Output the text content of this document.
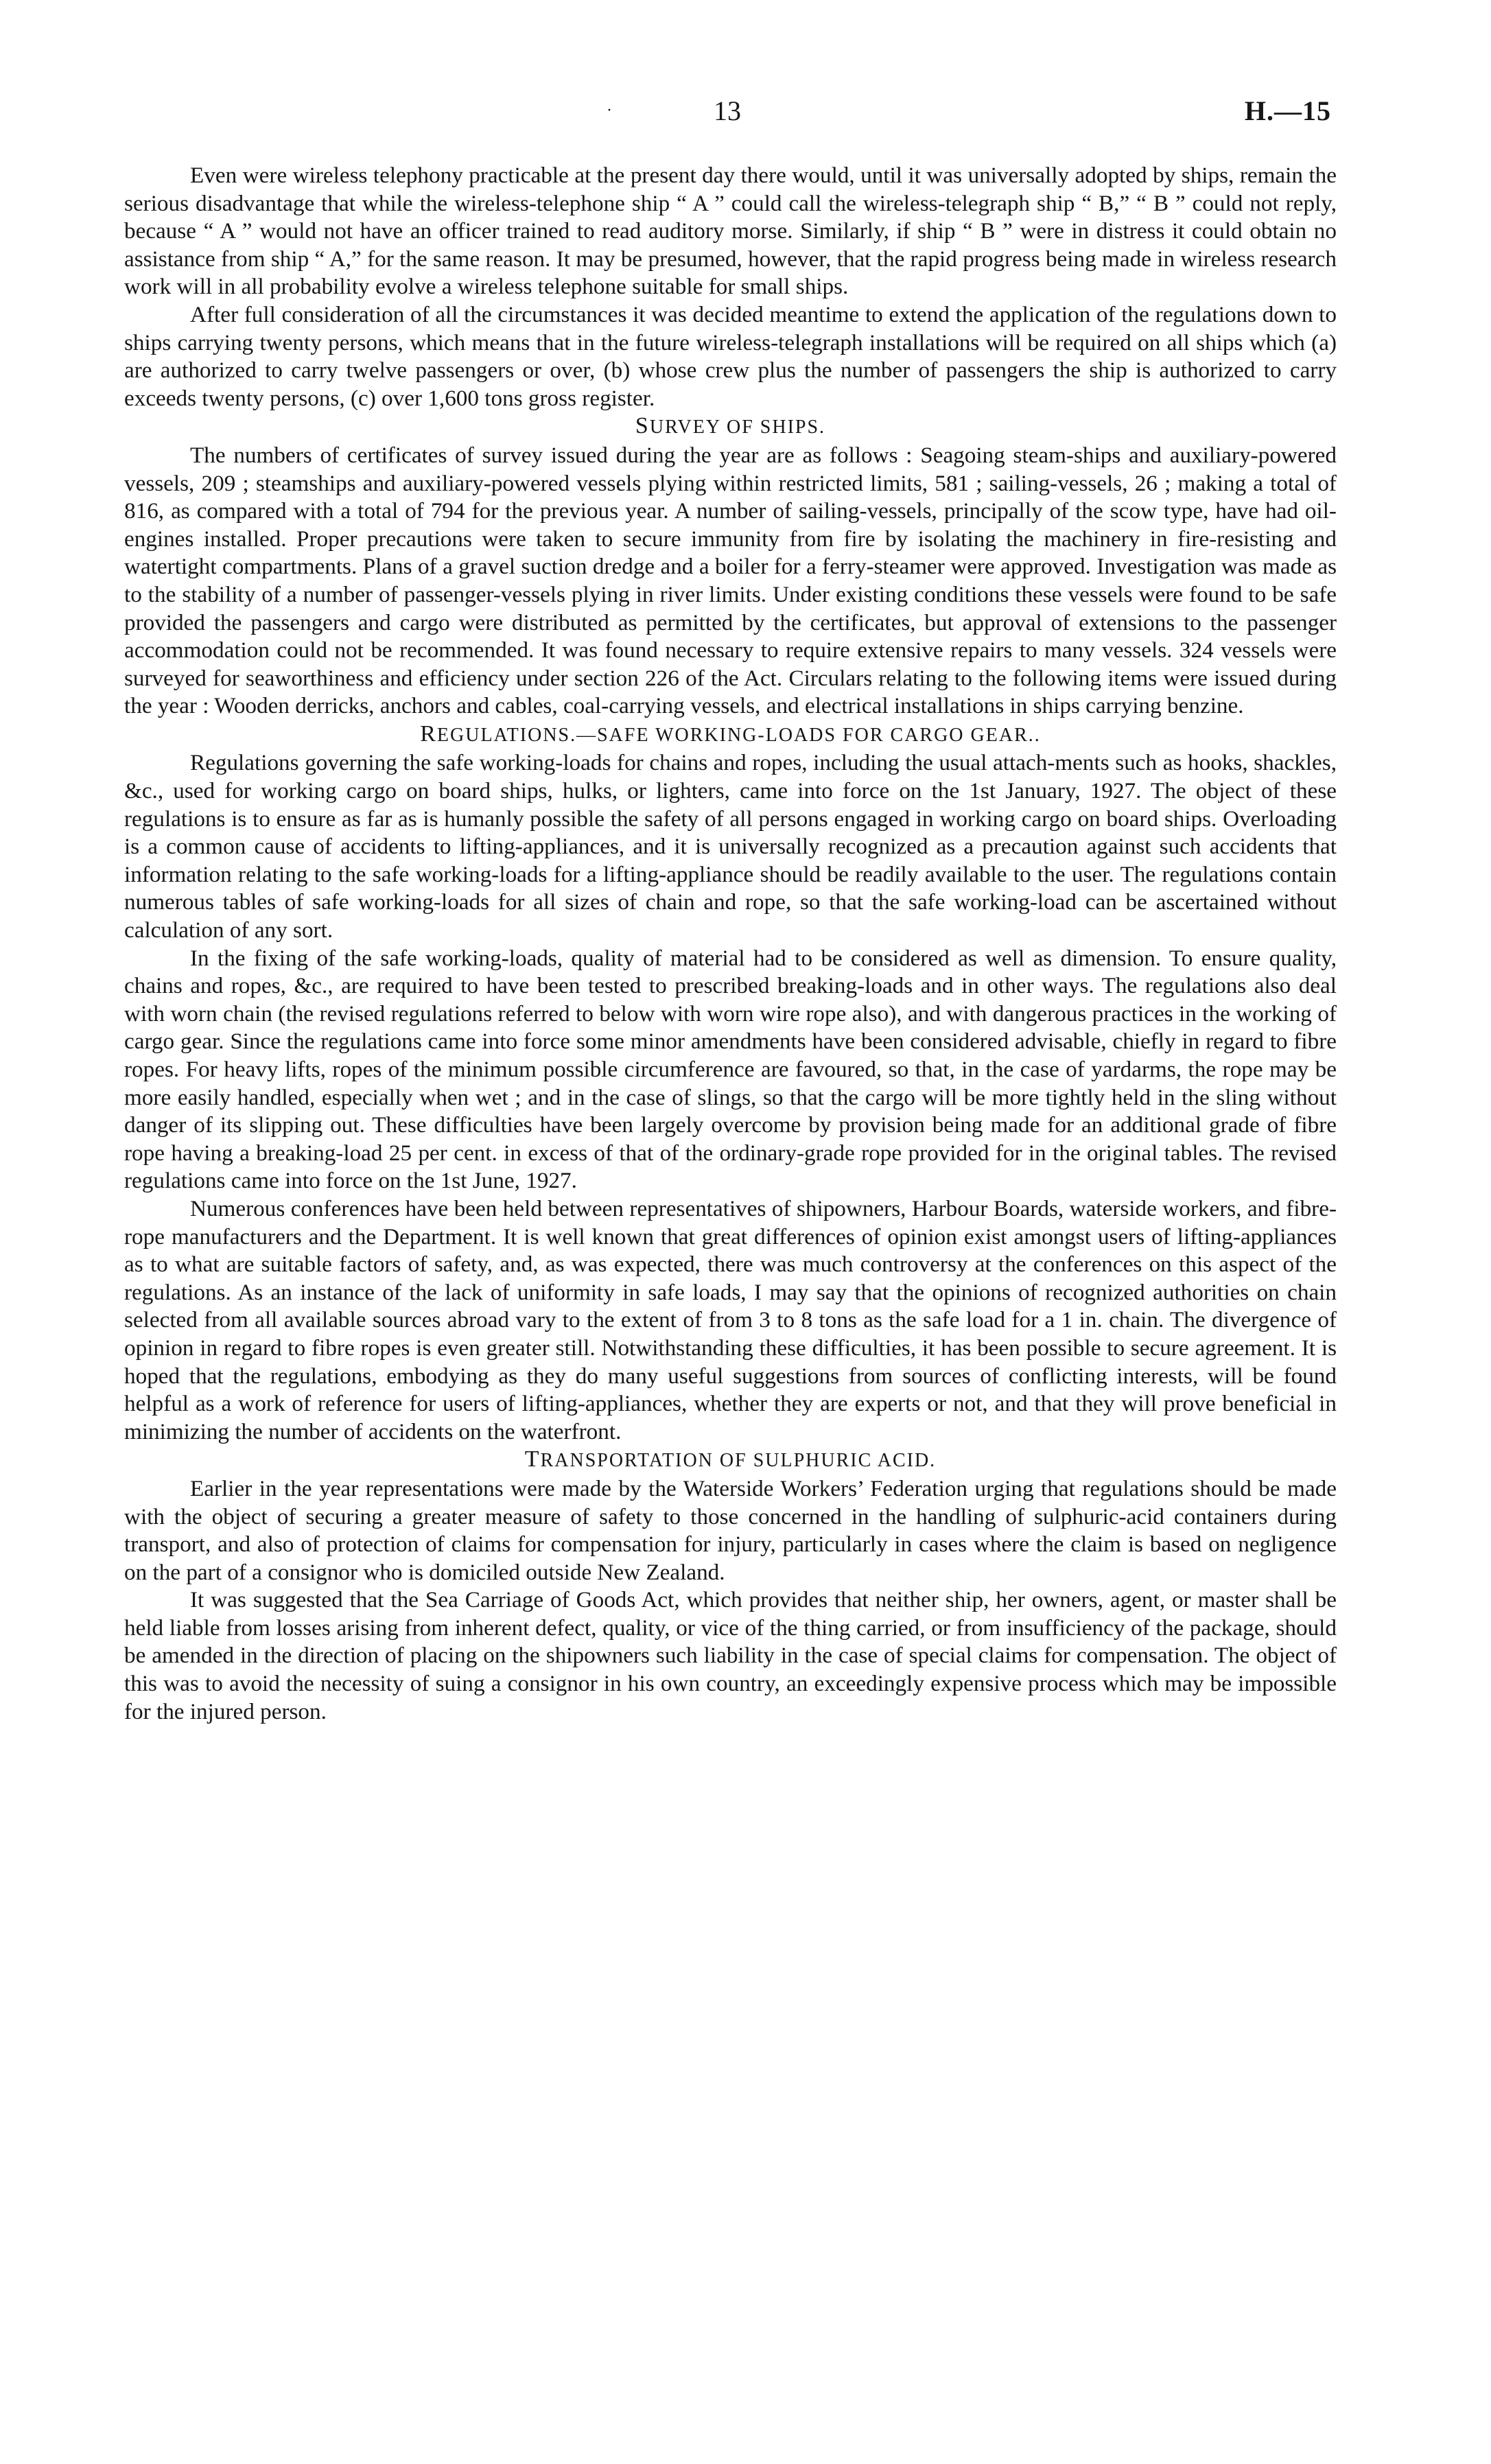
·	13	H.—15

Even were wireless telephony practicable at the present day there would, until it was universally adopted by ships, remain the serious disadvantage that while the wireless-telephone ship “ A ” could call the wireless-telegraph ship “ B,” “ B ” could not reply, because “ A ” would not have an officer trained to read auditory morse. Similarly, if ship “ B ” were in distress it could obtain no assistance from ship “ A,” for the same reason. It may be presumed, however, that the rapid progress being made in wireless research work will in all probability evolve a wireless telephone suitable for small ships.

After full consideration of all the circumstances it was decided meantime to extend the application of the regulations down to ships carrying twenty persons, which means that in the future wireless-telegraph installations will be required on all ships which (a) are authorized to carry twelve passengers or over, (b) whose crew plus the number of passengers the ship is authorized to carry exceeds twenty persons, (c) over 1,600 tons gross register.

SURVEY OF SHIPS.

The numbers of certificates of survey issued during the year are as follows : Seagoing steam-ships and auxiliary-powered vessels, 209 ; steamships and auxiliary-powered vessels plying within restricted limits, 581 ; sailing-vessels, 26 ; making a total of 816, as compared with a total of 794 for the previous year. A number of sailing-vessels, principally of the scow type, have had oil-engines installed. Proper precautions were taken to secure immunity from fire by isolating the machinery in fire-resisting and watertight compartments. Plans of a gravel suction dredge and a boiler for a ferry-steamer were approved. Investigation was made as to the stability of a number of passenger-vessels plying in river limits. Under existing conditions these vessels were found to be safe provided the passengers and cargo were distributed as permitted by the certificates, but approval of extensions to the passenger accommodation could not be recommended. It was found necessary to require extensive repairs to many vessels. 324 vessels were surveyed for seaworthiness and efficiency under section 226 of the Act. Circulars relating to the following items were issued during the year : Wooden derricks, anchors and cables, coal-carrying vessels, and electrical installations in ships carrying benzine.

REGULATIONS.—SAFE WORKING-LOADS FOR CARGO GEAR..

Regulations governing the safe working-loads for chains and ropes, including the usual attach-ments such as hooks, shackles, &c., used for working cargo on board ships, hulks, or lighters, came into force on the 1st January, 1927. The object of these regulations is to ensure as far as is humanly possible the safety of all persons engaged in working cargo on board ships. Overloading is a common cause of accidents to lifting-appliances, and it is universally recognized as a precaution against such accidents that information relating to the safe working-loads for a lifting-appliance should be readily available to the user. The regulations contain numerous tables of safe working-loads for all sizes of chain and rope, so that the safe working-load can be ascertained without calculation of any sort.

In the fixing of the safe working-loads, quality of material had to be considered as well as dimension. To ensure quality, chains and ropes, &c., are required to have been tested to prescribed breaking-loads and in other ways. The regulations also deal with worn chain (the revised regulations referred to below with worn wire rope also), and with dangerous practices in the working of cargo gear. Since the regulations came into force some minor amendments have been considered advisable, chiefly in regard to fibre ropes. For heavy lifts, ropes of the minimum possible circumference are favoured, so that, in the case of yardarms, the rope may be more easily handled, especially when wet ; and in the case of slings, so that the cargo will be more tightly held in the sling without danger of its slipping out. These difficulties have been largely overcome by provision being made for an additional grade of fibre rope having a breaking-load 25 per cent. in excess of that of the ordinary-grade rope provided for in the original tables. The revised regulations came into force on the 1st June, 1927.

Numerous conferences have been held between representatives of shipowners, Harbour Boards, waterside workers, and fibre-rope manufacturers and the Department. It is well known that great differences of opinion exist amongst users of lifting-appliances as to what are suitable factors of safety, and, as was expected, there was much controversy at the conferences on this aspect of the regulations. As an instance of the lack of uniformity in safe loads, I may say that the opinions of recognized authorities on chain selected from all available sources abroad vary to the extent of from 3 to 8 tons as the safe load for a 1 in. chain. The divergence of opinion in regard to fibre ropes is even greater still. Notwithstanding these difficulties, it has been possible to secure agreement. It is hoped that the regulations, embodying as they do many useful suggestions from sources of conflicting interests, will be found helpful as a work of reference for users of lifting-appliances, whether they are experts or not, and that they will prove beneficial in minimizing the number of accidents on the waterfront.

TRANSPORTATION OF SULPHURIC ACID.

Earlier in the year representations were made by the Waterside Workers’ Federation urging that regulations should be made with the object of securing a greater measure of safety to those concerned in the handling of sulphuric-acid containers during transport, and also of protection of claims for compensation for injury, particularly in cases where the claim is based on negligence on the part of a consignor who is domiciled outside New Zealand.

It was suggested that the Sea Carriage of Goods Act, which provides that neither ship, her owners, agent, or master shall be held liable from losses arising from inherent defect, quality, or vice of the thing carried, or from insufficiency of the package, should be amended in the direction of placing on the shipowners such liability in the case of special claims for compensation. The object of this was to avoid the necessity of suing a consignor in his own country, an exceedingly expensive process which may be impossible for the injured person.
